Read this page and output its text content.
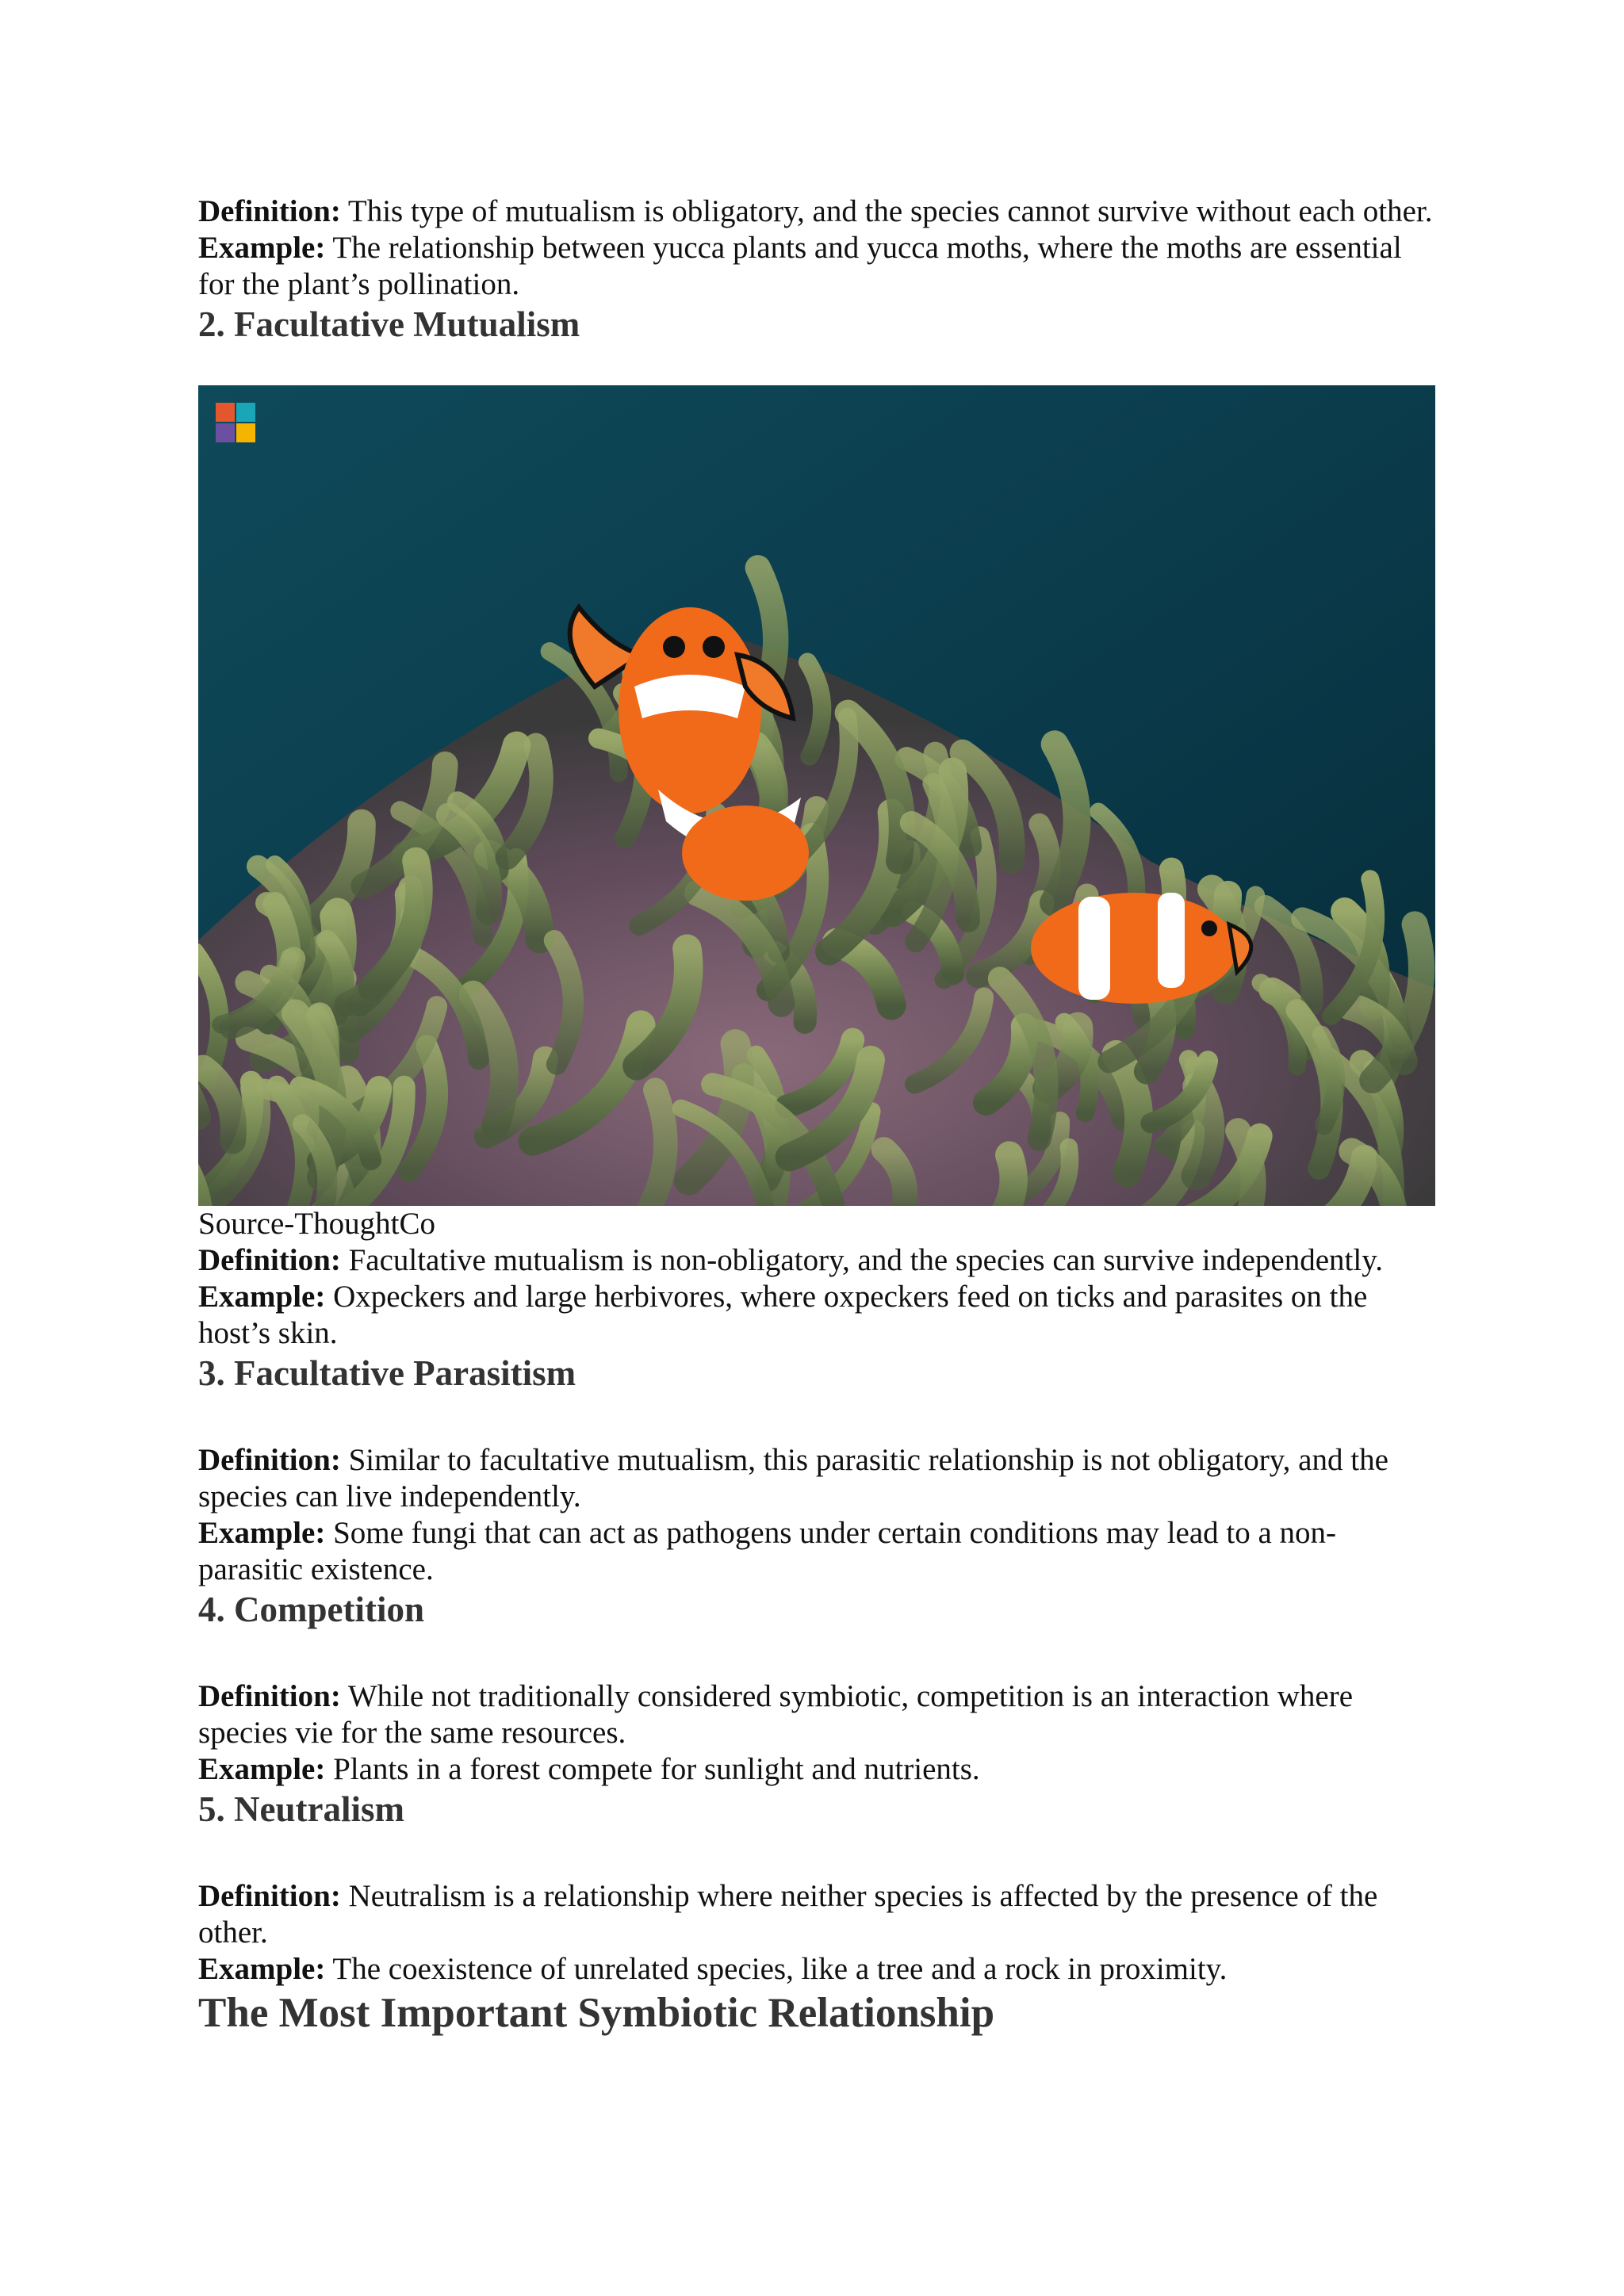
Definition: This type of mutualism is obligatory, and the species cannot survive without each other.

Example: The relationship between yucca plants and yucca moths, where the moths are essential for the plant’s pollination.

2. Facultative Mutualism

Source-ThoughtCo

Definition: Facultative mutualism is non-obligatory, and the species can survive independently.

Example: Oxpeckers and large herbivores, where oxpeckers feed on ticks and parasites on the host’s skin.

3. Facultative Parasitism

Definition: Similar to facultative mutualism, this parasitic relationship is not obligatory, and the species can live independently.

Example: Some fungi that can act as pathogens under certain conditions may lead to a non-parasitic existence.

4. Competition

Definition: While not traditionally considered symbiotic, competition is an interaction where species vie for the same resources.

Example: Plants in a forest compete for sunlight and nutrients.

5. Neutralism

Definition: Neutralism is a relationship where neither species is affected by the presence of the other.

Example: The coexistence of unrelated species, like a tree and a rock in proximity.

The Most Important Symbiotic Relationship
